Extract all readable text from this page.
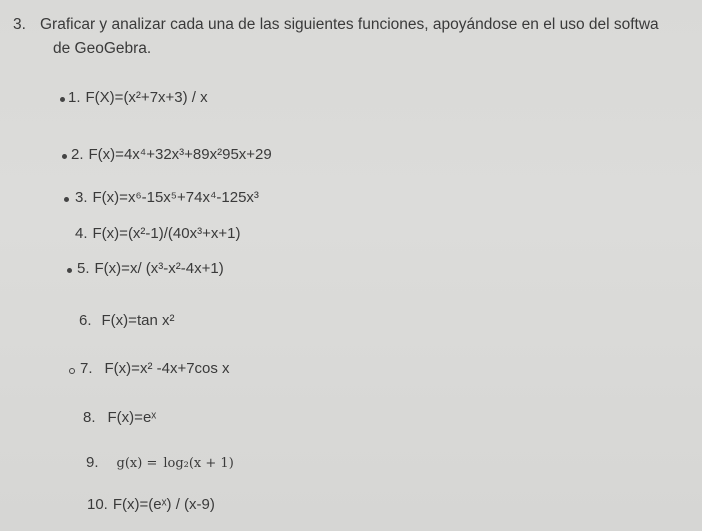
3. Graficar y analizar cada una de las siguientes funciones, apoyándose en el uso del softwa
de GeoGebra.
1. F(X)= (x²+7x+3) / x
2. F(x)= 4x⁴+32x³+89x²95x+29
3. F(x)= x⁶-15x⁵+74x⁴-125x³
4. F(x)= (x²-1)/(40x³+x+1)
5. F(x)= x/ (x³-x²-4x+1)
6. F(x)= tan x²
7. F(x)= x² -4x+7cos x
8. F(x)= eˣ
9. g(x) = log₂(x + 1)
10. F(x)= (eˣ) / (x-9)
